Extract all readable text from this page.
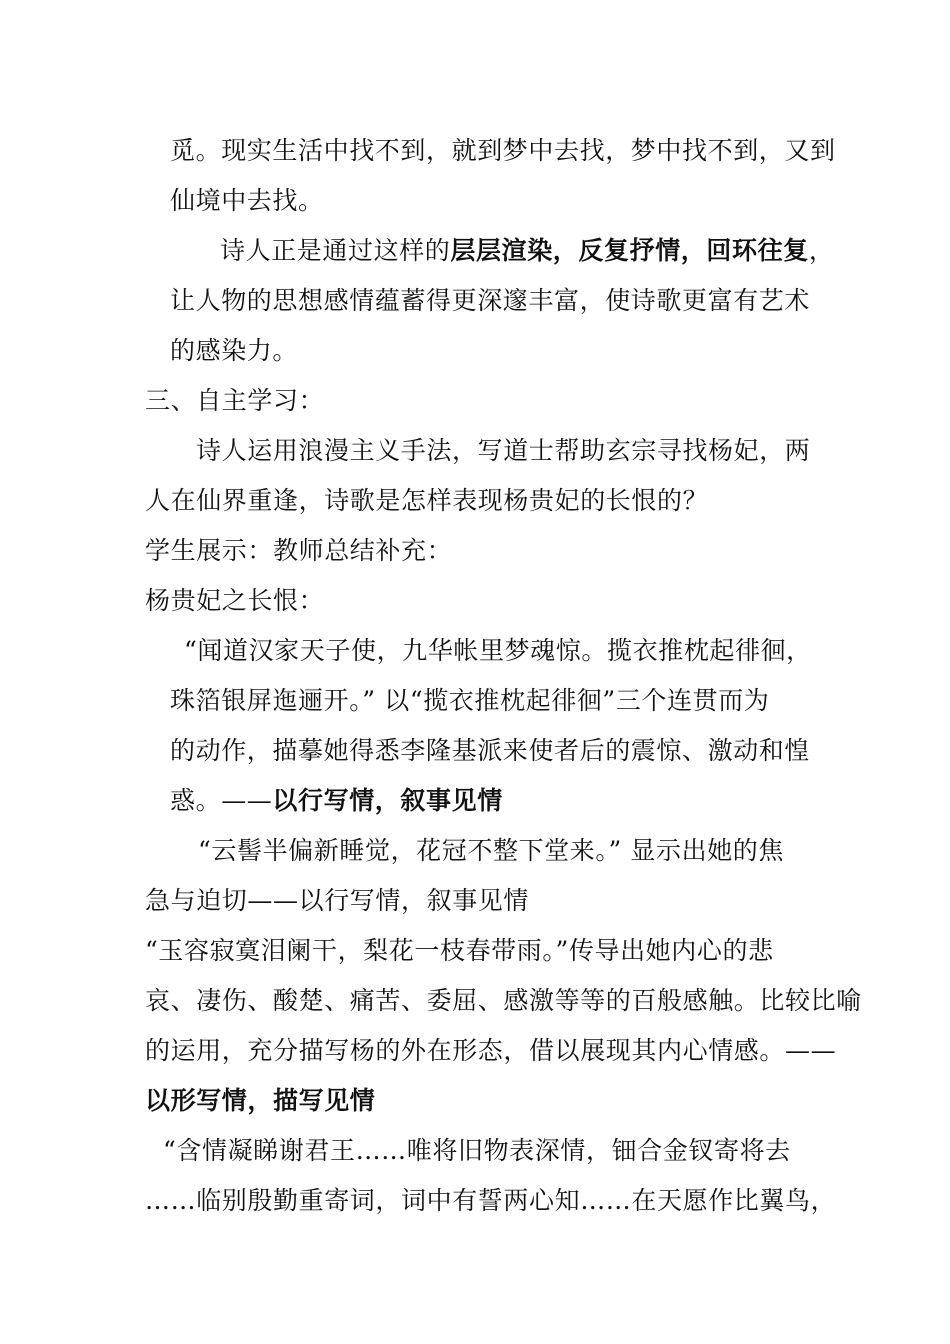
觅。现实生活中找不到，就到梦中去找，梦中找不到，又到
仙境中去找。
诗人正是通过这样的层层渲染，反复抒情，回环往复，
让人物的思想感情蕴蓄得更深邃丰富，使诗歌更富有艺术
的感染力。
三、自主学习：
诗人运用浪漫主义手法，写道士帮助玄宗寻找杨妃，两
人在仙界重逢，诗歌是怎样表现杨贵妃的长恨的？
学生展示：教师总结补充：
杨贵妃之长恨：
“闻道汉家天子使，九华帐里梦魂惊。揽衣推枕起徘徊，
珠箔银屏迤逦开。” 以“揽衣推枕起徘徊”三个连贯而为
的动作，描摹她得悉李隆基派来使者后的震惊、激动和惶
惑。——以行写情，叙事见情
“云髻半偏新睡觉，花冠不整下堂来。” 显示出她的焦
急与迫切——以行写情，叙事见情
“玉容寂寞泪阑干，梨花一枝春带雨。”传导出她内心的悲
哀、凄伤、酸楚、痛苦、委屈、感激等等的百般感触。比较比喻
的运用，充分描写杨的外在形态，借以展现其内心情感。——
以形写情，描写见情
“含情凝睇谢君王……唯将旧物表深情，钿合金钗寄将去
……临别殷勤重寄词，词中有誓两心知……在天愿作比翼鸟，
